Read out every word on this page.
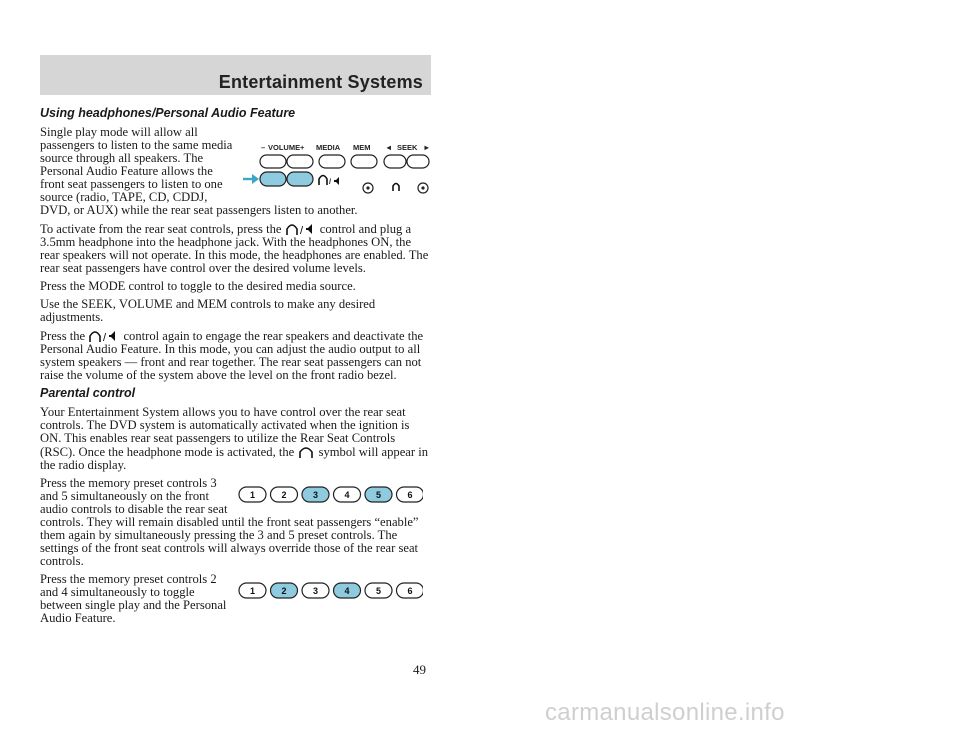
Entertainment Systems
Using headphones/Personal Audio Feature
– VOLUME + MEDIA MEM ◄ SEEK ►
/

Single play mode will allow all passengers to listen to the same media source through all speakers. The Personal Audio Feature allows the front seat passengers to listen to one source (radio, TAPE, CD, CDDJ, DVD, or AUX) while the rear seat passengers listen to another.

To activate from the rear seat controls, press the / control and plug a 3.5mm headphone into the headphone jack. With the headphones ON, the rear speakers will not operate. In this mode, the headphones are enabled. The rear seat passengers have control over the desired volume levels.

Press the MODE control to toggle to the desired media source.

Use the SEEK, VOLUME and MEM controls to make any desired adjustments.

Press the / control again to engage the rear speakers and deactivate the Personal Audio Feature. In this mode, you can adjust the audio output to all system speakers — front and rear together. The rear seat passengers can not raise the volume of the system above the level on the front radio bezel.

Parental control

Your Entertainment System allows you to have control over the rear seat controls. The DVD system is automatically activated when the ignition is ON. This enables rear seat passengers to utilize the Rear Seat Controls (RSC). Once the headphone mode is activated, the symbol will appear in the radio display.

1	2	3	4	5	6

Press the memory preset controls 3 and 5 simultaneously on the front audio controls to disable the rear seat controls. They will remain disabled until the front seat passengers “enable” them again by simultaneously pressing the 3 and 5 preset controls. The settings of the front seat controls will always override those of the rear seat controls.

1	2	3	4	5	6

Press the memory preset controls 2 and 4 simultaneously to toggle between single play and the Personal Audio Feature.

49

carmanualsonline.info
